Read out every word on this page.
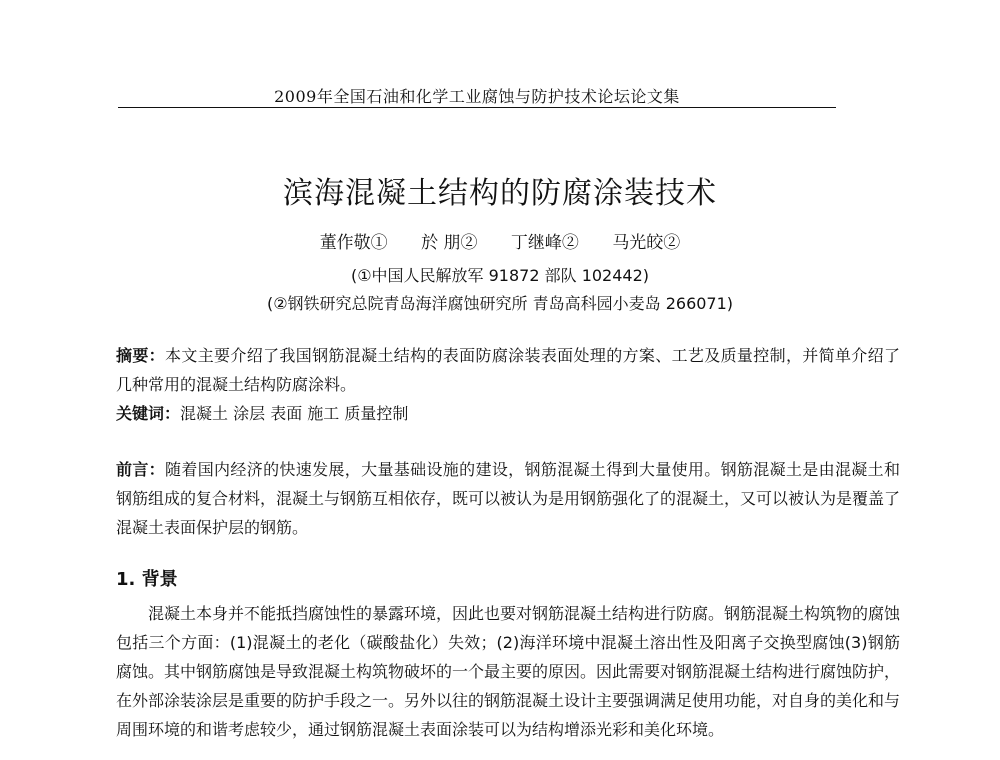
2009年全国石油和化学工业腐蚀与防护技术论坛论文集
滨海混凝土结构的防腐涂装技术
董作敬① 於 朋② 丁继峰② 马光皎②
(①中国人民解放军 91872 部队 102442)
(②钢铁研究总院青岛海洋腐蚀研究所 青岛高科园小麦岛 266071)

摘要：本文主要介绍了我国钢筋混凝土结构的表面防腐涂装表面处理的方案、工艺及质量控制，并简单介绍了几种常用的混凝土结构防腐涂料。

关键词：混凝土 涂层 表面 施工 质量控制

前言：随着国内经济的快速发展，大量基础设施的建设，钢筋混凝土得到大量使用。钢筋混凝土是由混凝土和钢筋组成的复合材料，混凝土与钢筋互相依存，既可以被认为是用钢筋强化了的混凝土，又可以被认为是覆盖了混凝土表面保护层的钢筋。

1. 背景

混凝土本身并不能抵挡腐蚀性的暴露环境，因此也要对钢筋混凝土结构进行防腐。钢筋混凝土构筑物的腐蚀包括三个方面：(1)混凝土的老化（碳酸盐化）失效；(2)海洋环境中混凝土溶出性及阳离子交换型腐蚀(3)钢筋腐蚀。其中钢筋腐蚀是导致混凝土构筑物破坏的一个最主要的原因。因此需要对钢筋混凝土结构进行腐蚀防护，在外部涂装涂层是重要的防护手段之一。另外以往的钢筋混凝土设计主要强调满足使用功能，对自身的美化和与周围环境的和谐考虑较少，通过钢筋混凝土表面涂装可以为结构增添光彩和美化环境。
